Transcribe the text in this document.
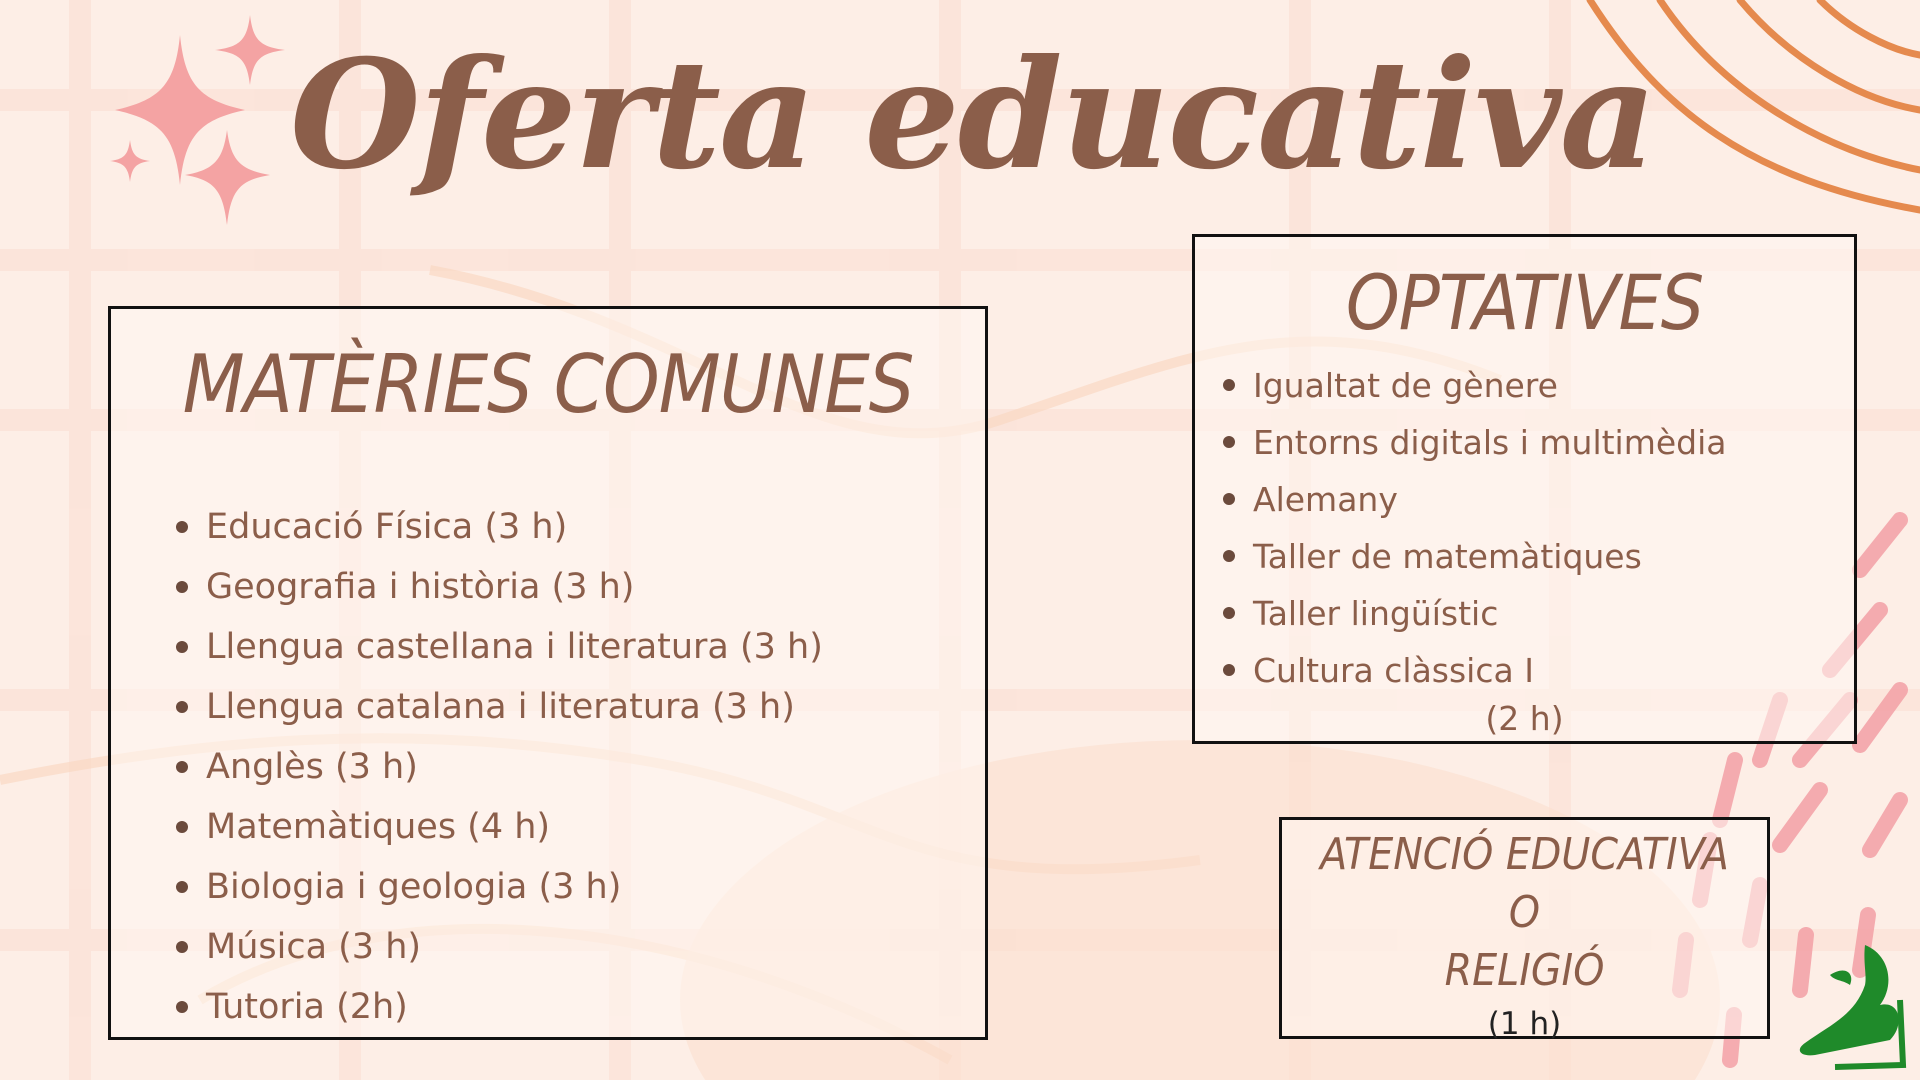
Oferta educativa
MATÈRIES COMUNES
Educació Física (3 h)
Geografia i història (3 h)
Llengua castellana i literatura (3 h)
Llengua catalana i literatura (3 h)
Anglès (3 h)
Matemàtiques (4 h)
Biologia i geologia (3 h)
Música (3 h)
Tutoria (2h)
OPTATIVES
Igualtat de gènere
Entorns digitals i multimèdia
Alemany
Taller de matemàtiques
Taller lingüístic
Cultura clàssica I
(2 h)
ATENCIÓ EDUCATIVA
O
RELIGIÓ
(1 h)
